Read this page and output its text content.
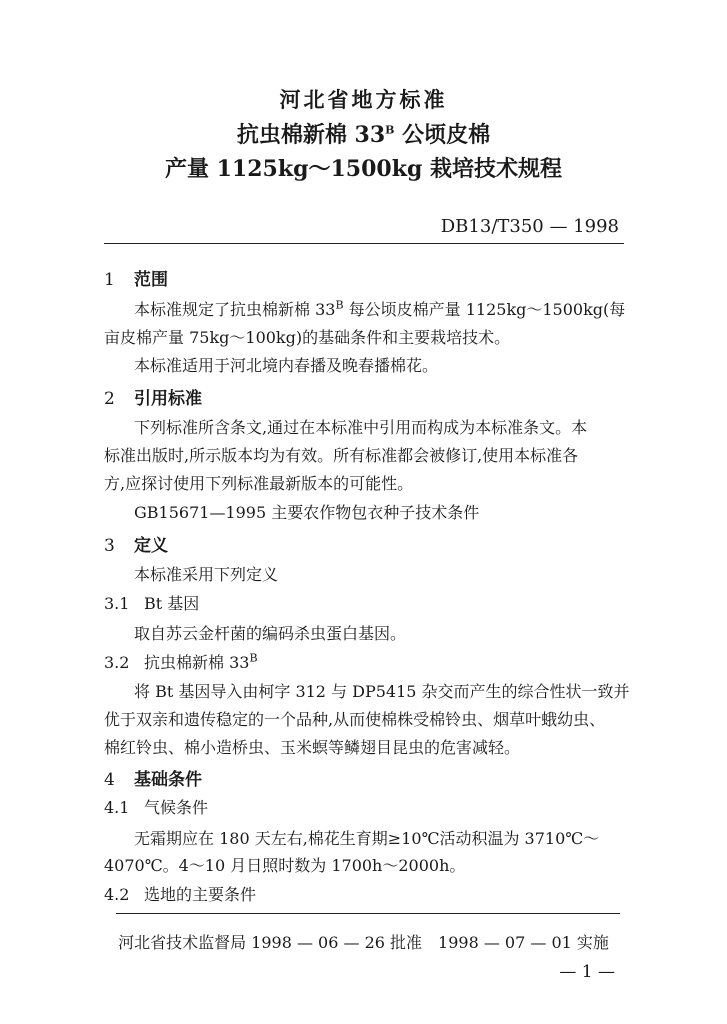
河北省地方标准
抗虫棉新棉 $33^B$ 公顷皮棉
产量 1125kg～1500kg 栽培技术规程
DB13/T350 — 1998
1 范围
本标准规定了抗虫棉新棉 $33^B$ 每公顷皮棉产量 1125kg～1500kg(每
亩皮棉产量 75kg～100kg)的基础条件和主要栽培技术。
本标准适用于河北境内春播及晚春播棉花。
2 引用标准
下列标准所含条文,通过在本标准中引用而构成为本标准条文。本
标准出版时,所示版本均为有效。所有标准都会被修订,使用本标准各
方,应探讨使用下列标准最新版本的可能性。
GB15671—1995 主要农作物包衣种子技术条件
3 定义
本标准采用下列定义
3.1 Bt 基因
取自苏云金杆菌的编码杀虫蛋白基因。
3.2 抗虫棉新棉 $33^B$
将 Bt 基因导入由柯字 312 与 DP5415 杂交而产生的综合性状一致并
优于双亲和遗传稳定的一个品种,从而使棉株受棉铃虫、烟草叶蛾幼虫、
棉红铃虫、棉小造桥虫、玉米螟等鳞翅目昆虫的危害减轻。
4 基础条件
4.1 气候条件
无霜期应在 180 天左右,棉花生育期≥10℃活动积温为 3710℃～
4070℃。4～10 月日照时数为 1700h～2000h。
4.2 选地的主要条件
河北省技术监督局 1998 — 06 — 26 批准　1998 — 07 — 01 实施
— 1 —
